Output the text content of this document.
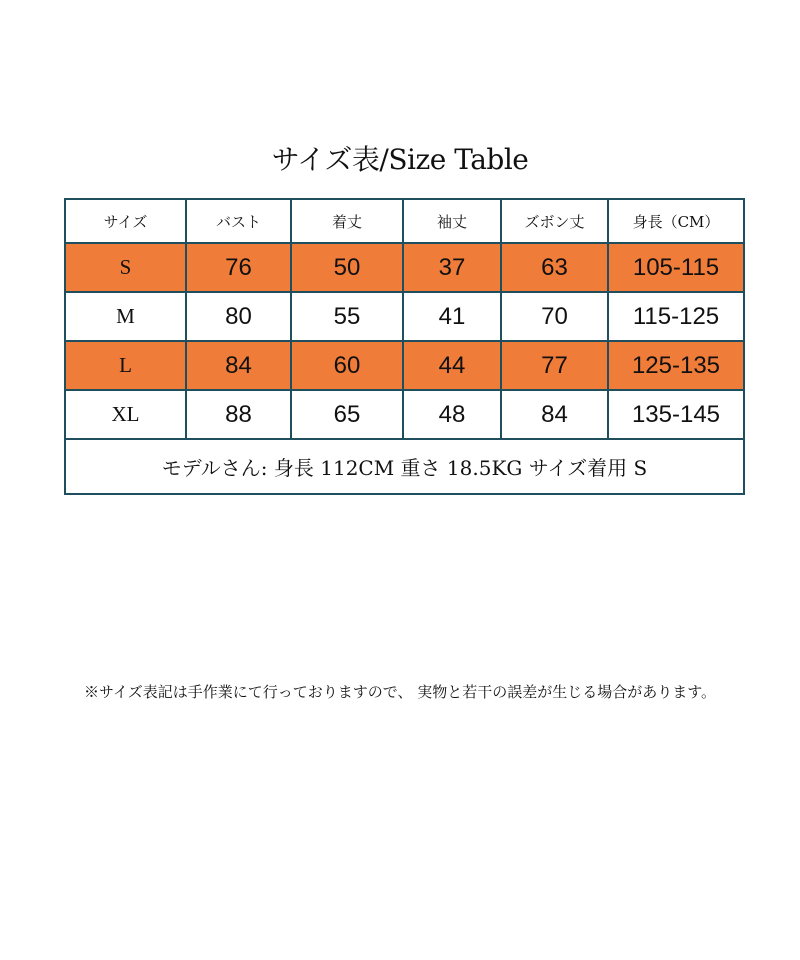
サイズ表/Size Table
サイズ	バスト	着丈	袖丈	ズボン丈	身長（CM）
S	76	50	37	63	105-115
M	80	55	41	70	115-125
L	84	60	44	77	125-135
XL	88	65	48	84	135-145
モデルさん: 身長 112CM 重さ 18.5KG サイズ着用 S					
※サイズ表記は手作業にて行っておりますので、 実物と若干の誤差が生じる場合があります。
